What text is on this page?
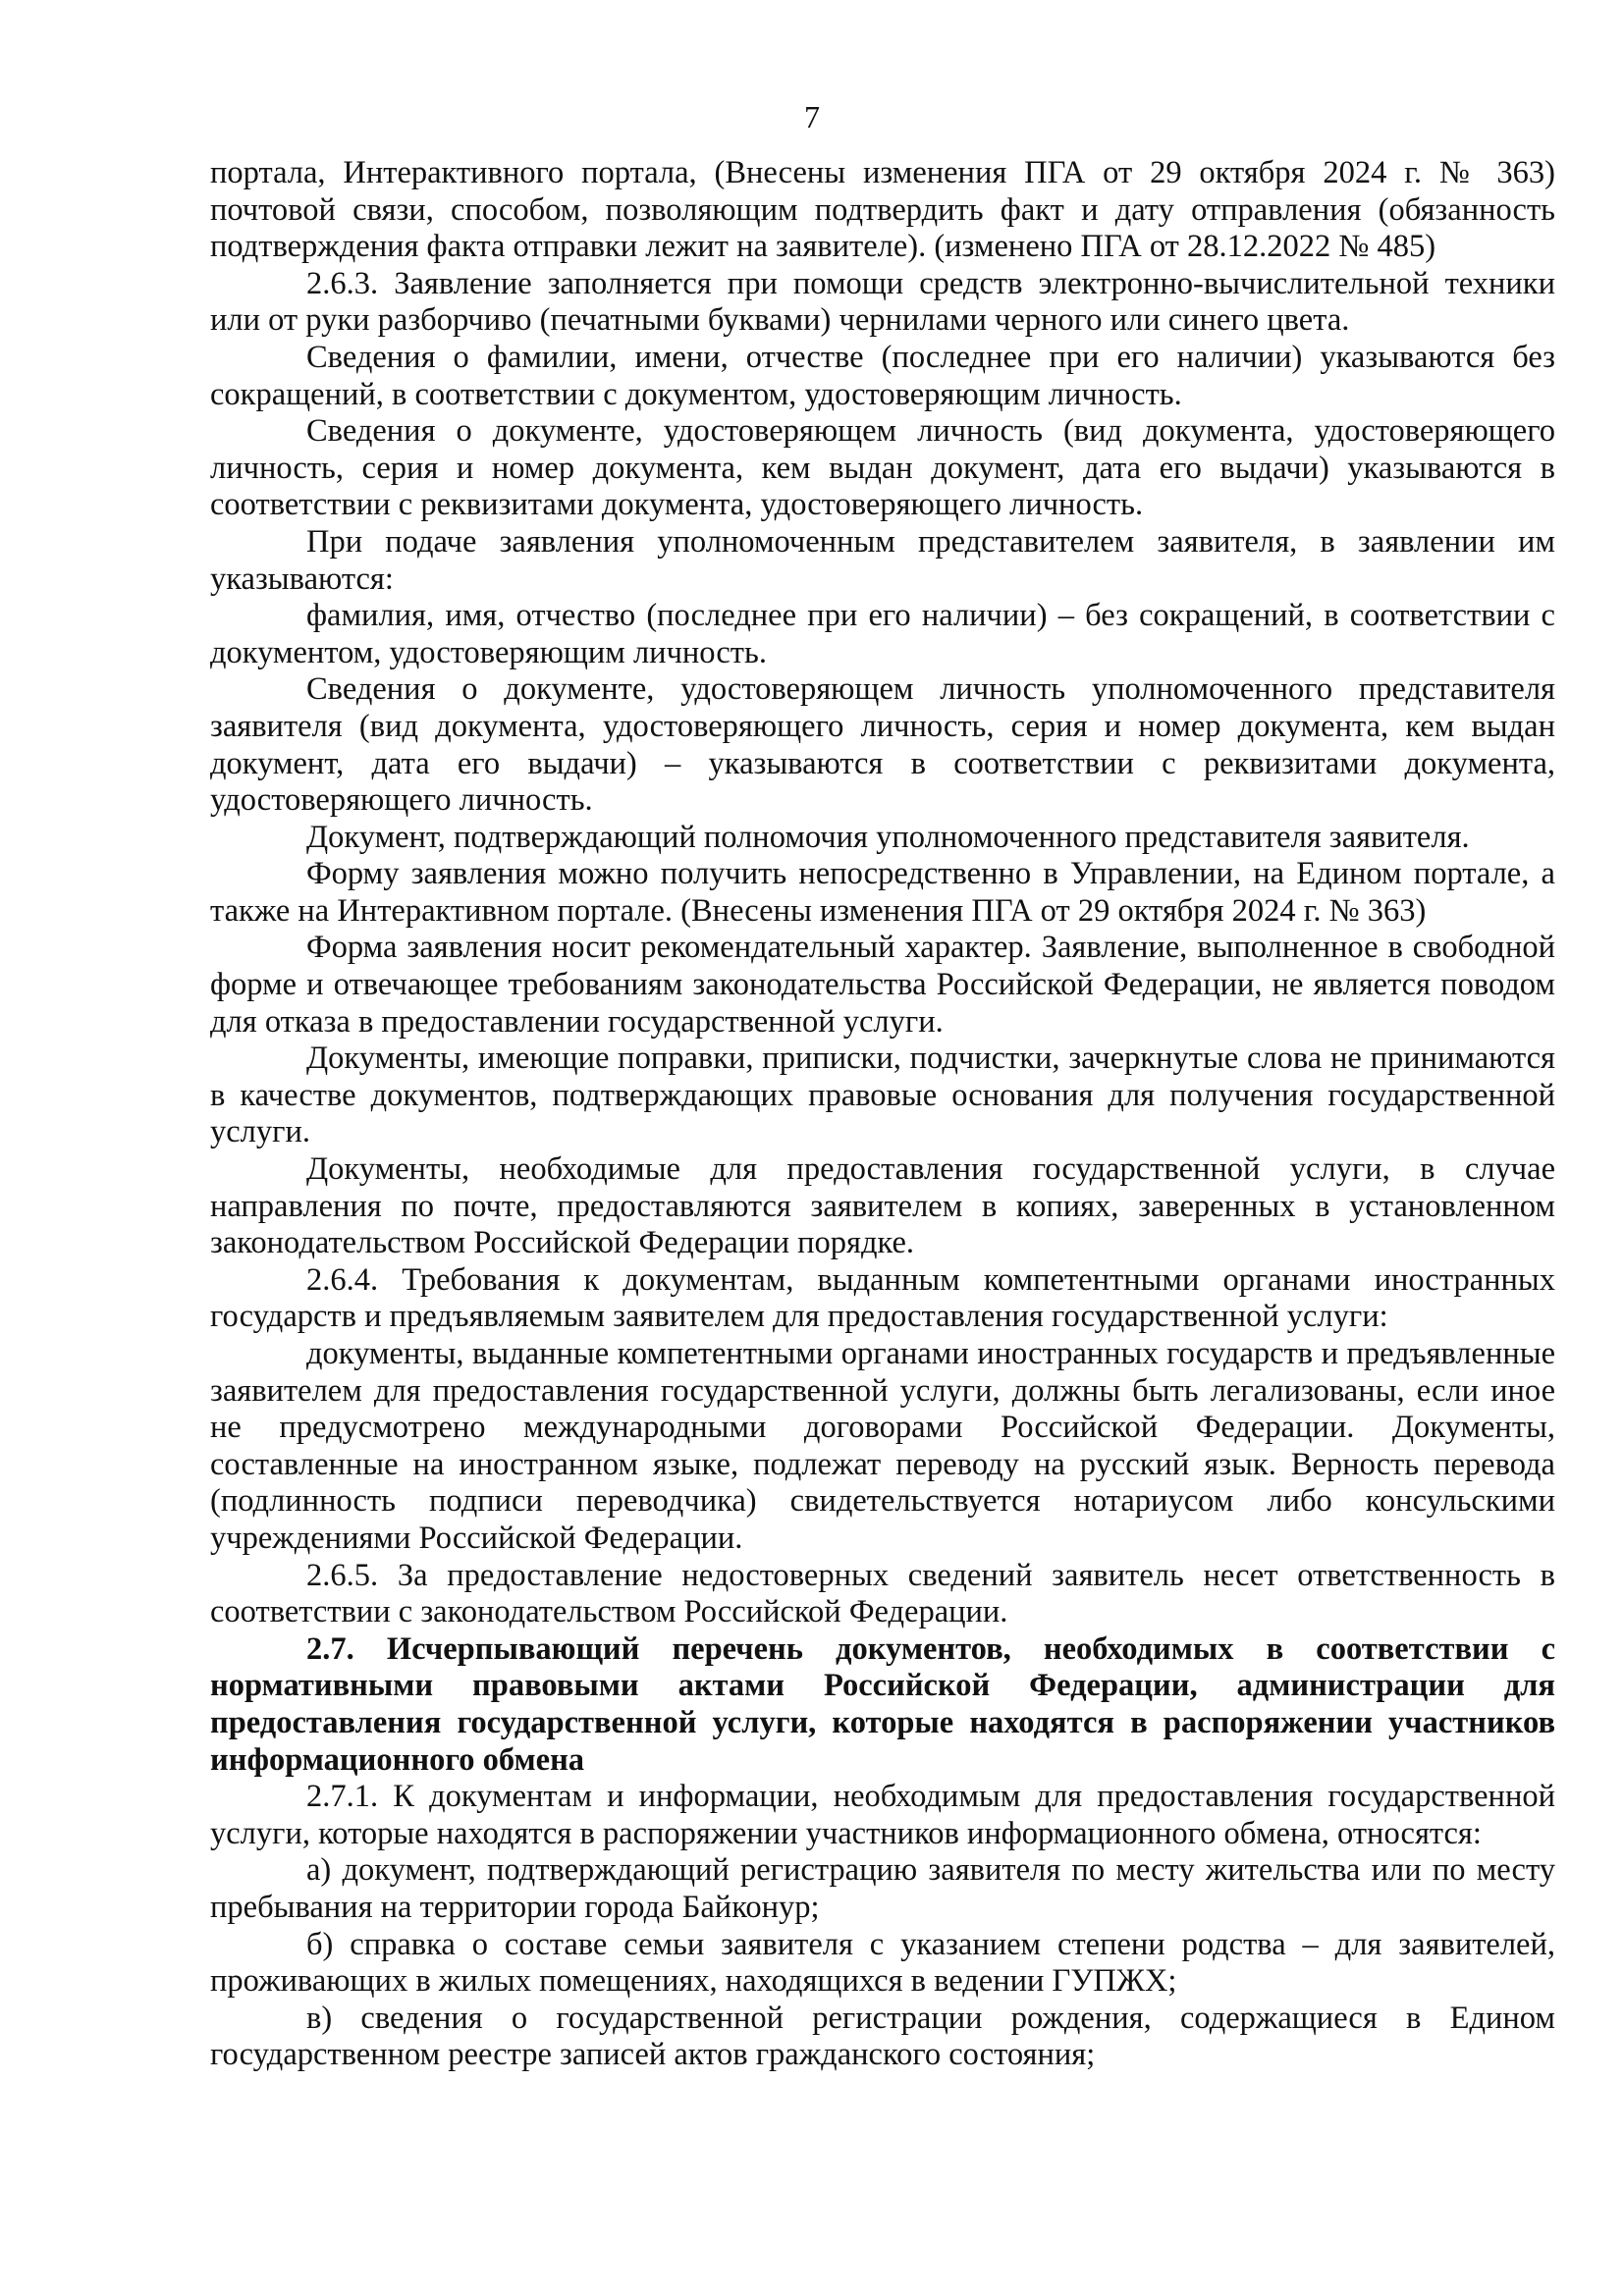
7

портала, Интерактивного портала, (Внесены изменения ПГА от 29 октября 2024 г. № 363) почтовой связи, способом, позволяющим подтвердить факт и дату отправления (обязанность подтверждения факта отправки лежит на заявителе). (изменено ПГА от 28.12.2022 № 485)

2.6.3. Заявление заполняется при помощи средств электронно-вычислительной техники или от руки разборчиво (печатными буквами) чернилами черного или синего цвета.

Сведения о фамилии, имени, отчестве (последнее при его наличии) указываются без сокращений, в соответствии с документом, удостоверяющим личность.

Сведения о документе, удостоверяющем личность (вид документа, удостоверяющего личность, серия и номер документа, кем выдан документ, дата его выдачи) указываются в соответствии с реквизитами документа, удостоверяющего личность.

При подаче заявления уполномоченным представителем заявителя, в заявлении им указываются:

фамилия, имя, отчество (последнее при его наличии) – без сокращений, в соответствии с документом, удостоверяющим личность.

Сведения о документе, удостоверяющем личность уполномоченного представителя заявителя (вид документа, удостоверяющего личность, серия и номер документа, кем выдан документ, дата его выдачи) – указываются в соответствии с реквизитами документа, удостоверяющего личность.

Документ, подтверждающий полномочия уполномоченного представителя заявителя.

Форму заявления можно получить непосредственно в Управлении, на Едином портале, а также на Интерактивном портале. (Внесены изменения ПГА от 29 октября 2024 г. № 363)

Форма заявления носит рекомендательный характер. Заявление, выполненное в свободной форме и отвечающее требованиям законодательства Российской Федерации, не является поводом для отказа в предоставлении государственной услуги.

Документы, имеющие поправки, приписки, подчистки, зачеркнутые слова не принимаются в качестве документов, подтверждающих правовые основания для получения государственной услуги.

Документы, необходимые для предоставления государственной услуги, в случае направления по почте, предоставляются заявителем в копиях, заверенных в установленном законодательством Российской Федерации порядке.

2.6.4. Требования к документам, выданным компетентными органами иностранных государств и предъявляемым заявителем для предоставления государственной услуги:

документы, выданные компетентными органами иностранных государств и предъявленные заявителем для предоставления государственной услуги, должны быть легализованы, если иное не предусмотрено международными договорами Российской Федерации. Документы, составленные на иностранном языке, подлежат переводу на русский язык. Верность перевода (подлинность подписи переводчика) свидетельствуется нотариусом либо консульскими учреждениями Российской Федерации.

2.6.5. За предоставление недостоверных сведений заявитель несет ответственность в соответствии с законодательством Российской Федерации.

2.7. Исчерпывающий перечень документов, необходимых в соответствии с нормативными правовыми актами Российской Федерации, администрации для предоставления государственной услуги, которые находятся в распоряжении участников информационного обмена

2.7.1. К документам и информации, необходимым для предоставления государственной услуги, которые находятся в распоряжении участников информационного обмена, относятся:

а) документ, подтверждающий регистрацию заявителя по месту жительства или по месту пребывания на территории города Байконур;

б) справка о составе семьи заявителя с указанием степени родства – для заявителей, проживающих в жилых помещениях, находящихся в ведении ГУПЖХ;

в) сведения о государственной регистрации рождения, содержащиеся в Едином государственном реестре записей актов гражданского состояния;
